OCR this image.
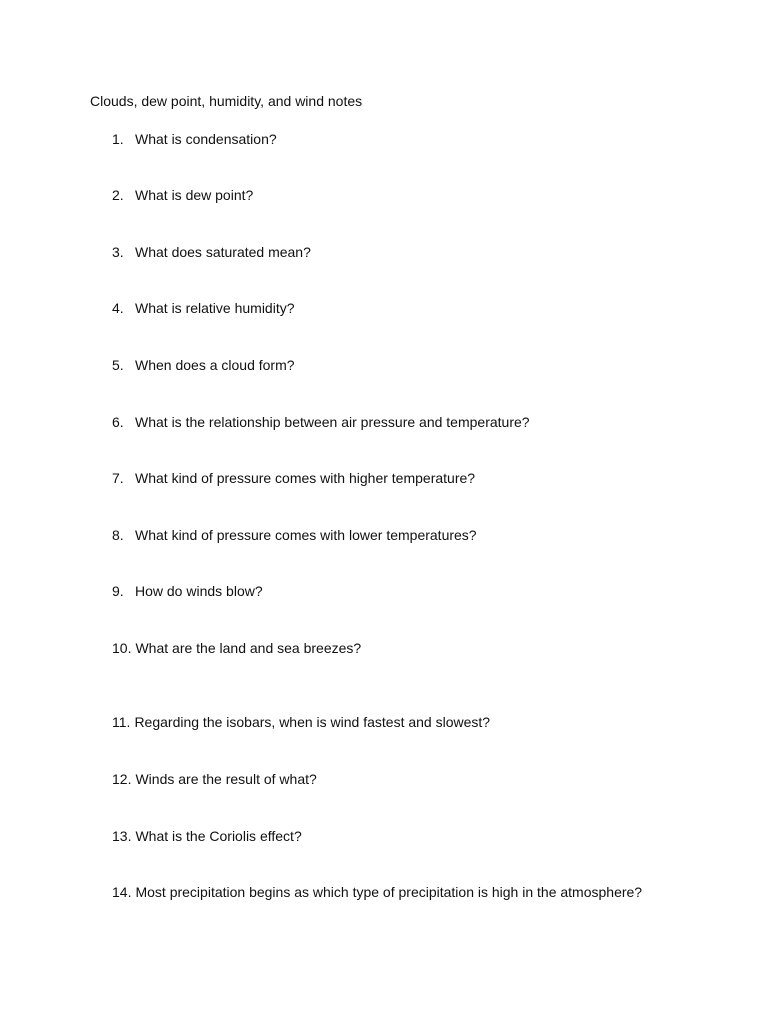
Clouds, dew point, humidity, and wind notes
1. What is condensation?
2. What is dew point?
3. What does saturated mean?
4. What is relative humidity?
5. When does a cloud form?
6. What is the relationship between air pressure and temperature?
7. What kind of pressure comes with higher temperature?
8. What kind of pressure comes with lower temperatures?
9. How do winds blow?
10. What are the land and sea breezes?
11. Regarding the isobars, when is wind fastest and slowest?
12. Winds are the result of what?
13. What is the Coriolis effect?
14. Most precipitation begins as which type of precipitation is high in the atmosphere?
